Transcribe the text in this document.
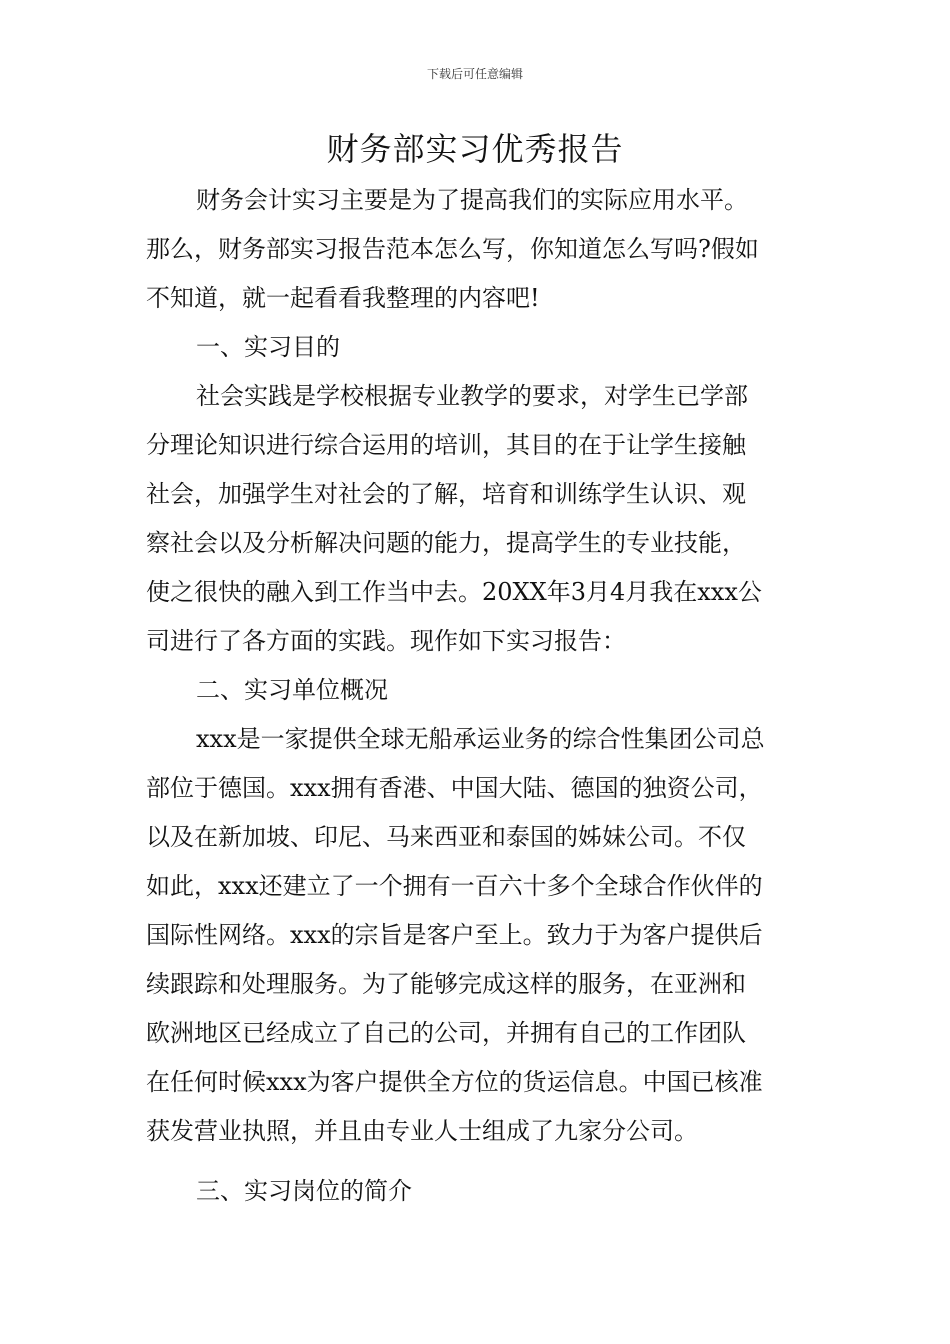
下载后可任意编辑
财务部实习优秀报告
财务会计实习主要是为了提高我们的实际应用水平。
那么，财务部实习报告范本怎么写，你知道怎么写吗?假如
不知道，就一起看看我整理的内容吧!
一、实习目的
社会实践是学校根据专业教学的要求，对学生已学部
分理论知识进行综合运用的培训，其目的在于让学生接触
社会，加强学生对社会的了解，培育和训练学生认识、观
察社会以及分析解决问题的能力，提高学生的专业技能，
使之很快的融入到工作当中去。20XX年3月4月我在xxx公
司进行了各方面的实践。现作如下实习报告：
二、实习单位概况
xxx是一家提供全球无船承运业务的综合性集团公司总
部位于德国。xxx拥有香港、中国大陆、德国的独资公司，
以及在新加坡、印尼、马来西亚和泰国的姊妹公司。不仅
如此，xxx还建立了一个拥有一百六十多个全球合作伙伴的
国际性网络。xxx的宗旨是客户至上。致力于为客户提供后
续跟踪和处理服务。为了能够完成这样的服务，在亚洲和
欧洲地区已经成立了自己的公司，并拥有自己的工作团队
在任何时候xxx为客户提供全方位的货运信息。中国已核准
获发营业执照，并且由专业人士组成了九家分公司。
三、实习岗位的简介
